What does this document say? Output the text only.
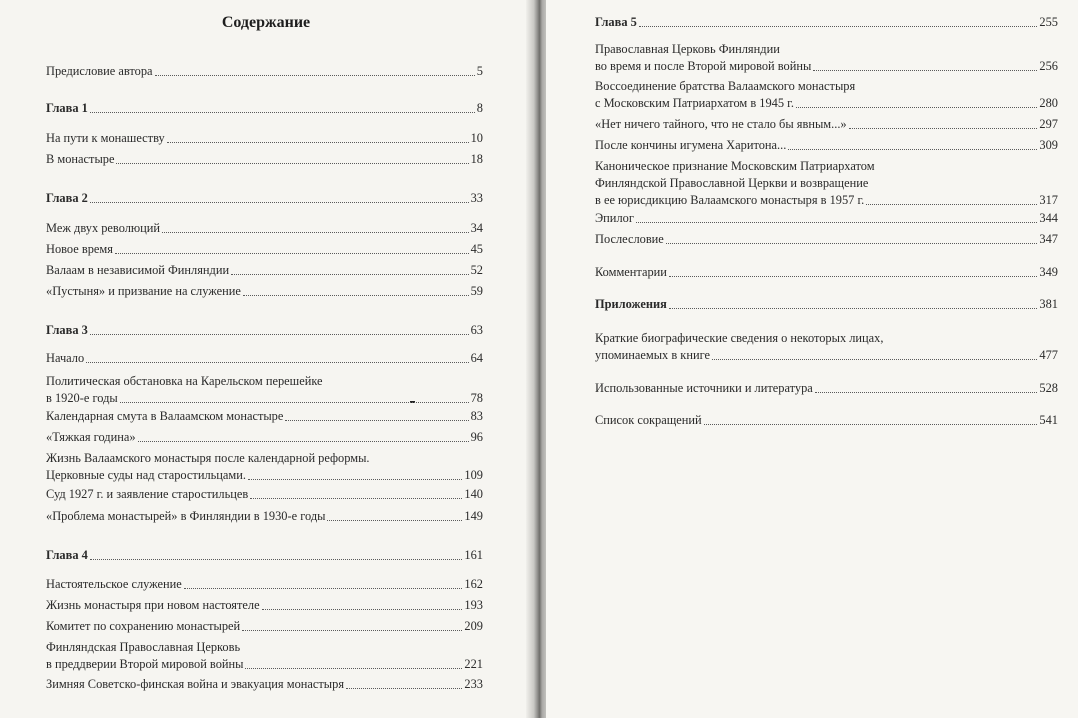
Содержание
Предисловие автора	5
Глава 1	8
На пути к монашеству	10
В монастыре	18
Глава 2	33
Меж двух революций	34
Новое время	45
Валаам в независимой Финляндии	52
«Пустыня» и призвание на служение	59
Глава 3	63
Начало	64
Политическая обстановка на Карельском перешейке
в 1920-е годы	78
Календарная смута в Валаамском монастыре	83
«Тяжкая година»	96
Жизнь Валаамского монастыря после календарной реформы.
Церковные суды над старостильцами.	109
Суд 1927 г. и заявление старостильцев	140
«Проблема монастырей» в Финляндии в 1930-е годы	149
Глава 4	161
Настоятельское служение	162
Жизнь монастыря при новом настоятеле	193
Комитет по сохранению монастырей	209
Финляндская Православная Церковь
в преддверии Второй мировой войны	221
Зимняя Советско-финская война и эвакуация монастыря	233
Глава 5	255
Православная Церковь Финляндии
во время и после Второй мировой войны	256
Воссоединение братства Валаамского монастыря
с Московским Патриархатом в 1945 г.	280
«Нет ничего тайного, что не стало бы явным...»	297
После кончины игумена Харитона...	309
Каноническое признание Московским Патриархатом
Финляндской Православной Церкви и возвращение
в ее юрисдикцию Валаамского монастыря в 1957 г.	317
Эпилог	344
Послесловие	347
Комментарии	349
Приложения	381
Краткие биографические сведения о некоторых лицах,
упоминаемых в книге	477
Использованные источники и литература	528
Список сокращений	541
